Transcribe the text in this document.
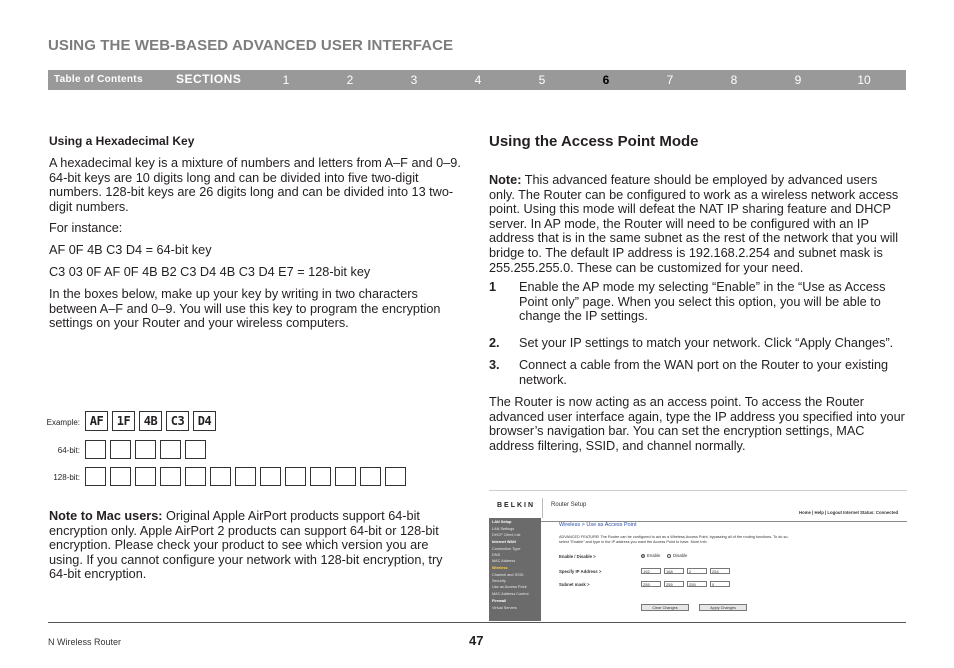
USING THE WEB-BASED ADVANCED USER INTERFACE
Table of Contents	SECTIONS	1	2	3	4	5	6	7	8	9	10
Using a Hexadecimal Key

A hexadecimal key is a mixture of numbers and letters from A–F and 0–9. 64-bit keys are 10 digits long and can be divided into five two-digit numbers. 128-bit keys are 26 digits long and can be divided into 13 two-digit numbers.

For instance:

AF 0F 4B C3 D4 = 64-bit key

C3 03 0F AF 0F 4B B2 C3 D4 4B C3 D4 E7 = 128-bit key

In the boxes below, make up your key by writing in two characters between A–F and 0–9. You will use this key to program the encryption settings on your Router and your wireless computers.

Example: AF	1F	4B	C3	D4
64-bit:
128-bit:

Note to Mac users: Original Apple AirPort products support 64-bit encryption only. Apple AirPort 2 products can support 64-bit or 128-bit encryption. Please check your product to see which version you are using. If you cannot configure your network with 128-bit encryption, try 64-bit encryption.

Using the Access Point Mode

Note: This advanced feature should be employed by advanced users only. The Router can be configured to work as a wireless network access point. Using this mode will defeat the NAT IP sharing feature and DHCP server. In AP mode, the Router will need to be configured with an IP address that is in the same subnet as the rest of the network that you will bridge to. The default IP address is 192.168.2.254 and subnet mask is 255.255.255.0. These can be customized for your need.

1 Enable the AP mode my selecting “Enable” in the “Use as Access Point only” page. When you select this option, you will be able to change the IP settings.

2. Set your IP settings to match your network. Click “Apply Changes”.

3. Connect a cable from the WAN port on the Router to your existing network.

The Router is now acting as an access point. To access the Router advanced user interface again, type the IP address you specified into your browser’s navigation bar. You can set the encryption settings, MAC address filtering, SSID, and channel normally.

BELKIN	Router Setup
Home | Help | Logout Internet Status: Connected
LAN Setup
LAN Settings
DHCP Client List
Internet WAN
Connection Type
DNS
MAC Address
Wireless
Channel and SSID
Security
Use as Access Point
MAC Address Control
Firewall
Virtual Servers
Wireless > Use as Access Point
ADVANCED FEATURE! The Router can be configured to act as a Wireless Access Point, bypassing all of the routing functions. To do so, select "Enable" and type in the IP address you want the Access Point to have. More Info
Enable / Disable >	Enable	Disable
Specify IP Address >	192	168	2	254
Subnet mask >	255	255	255	0
Clear Changes	Apply Changes
N Wireless Router	47
